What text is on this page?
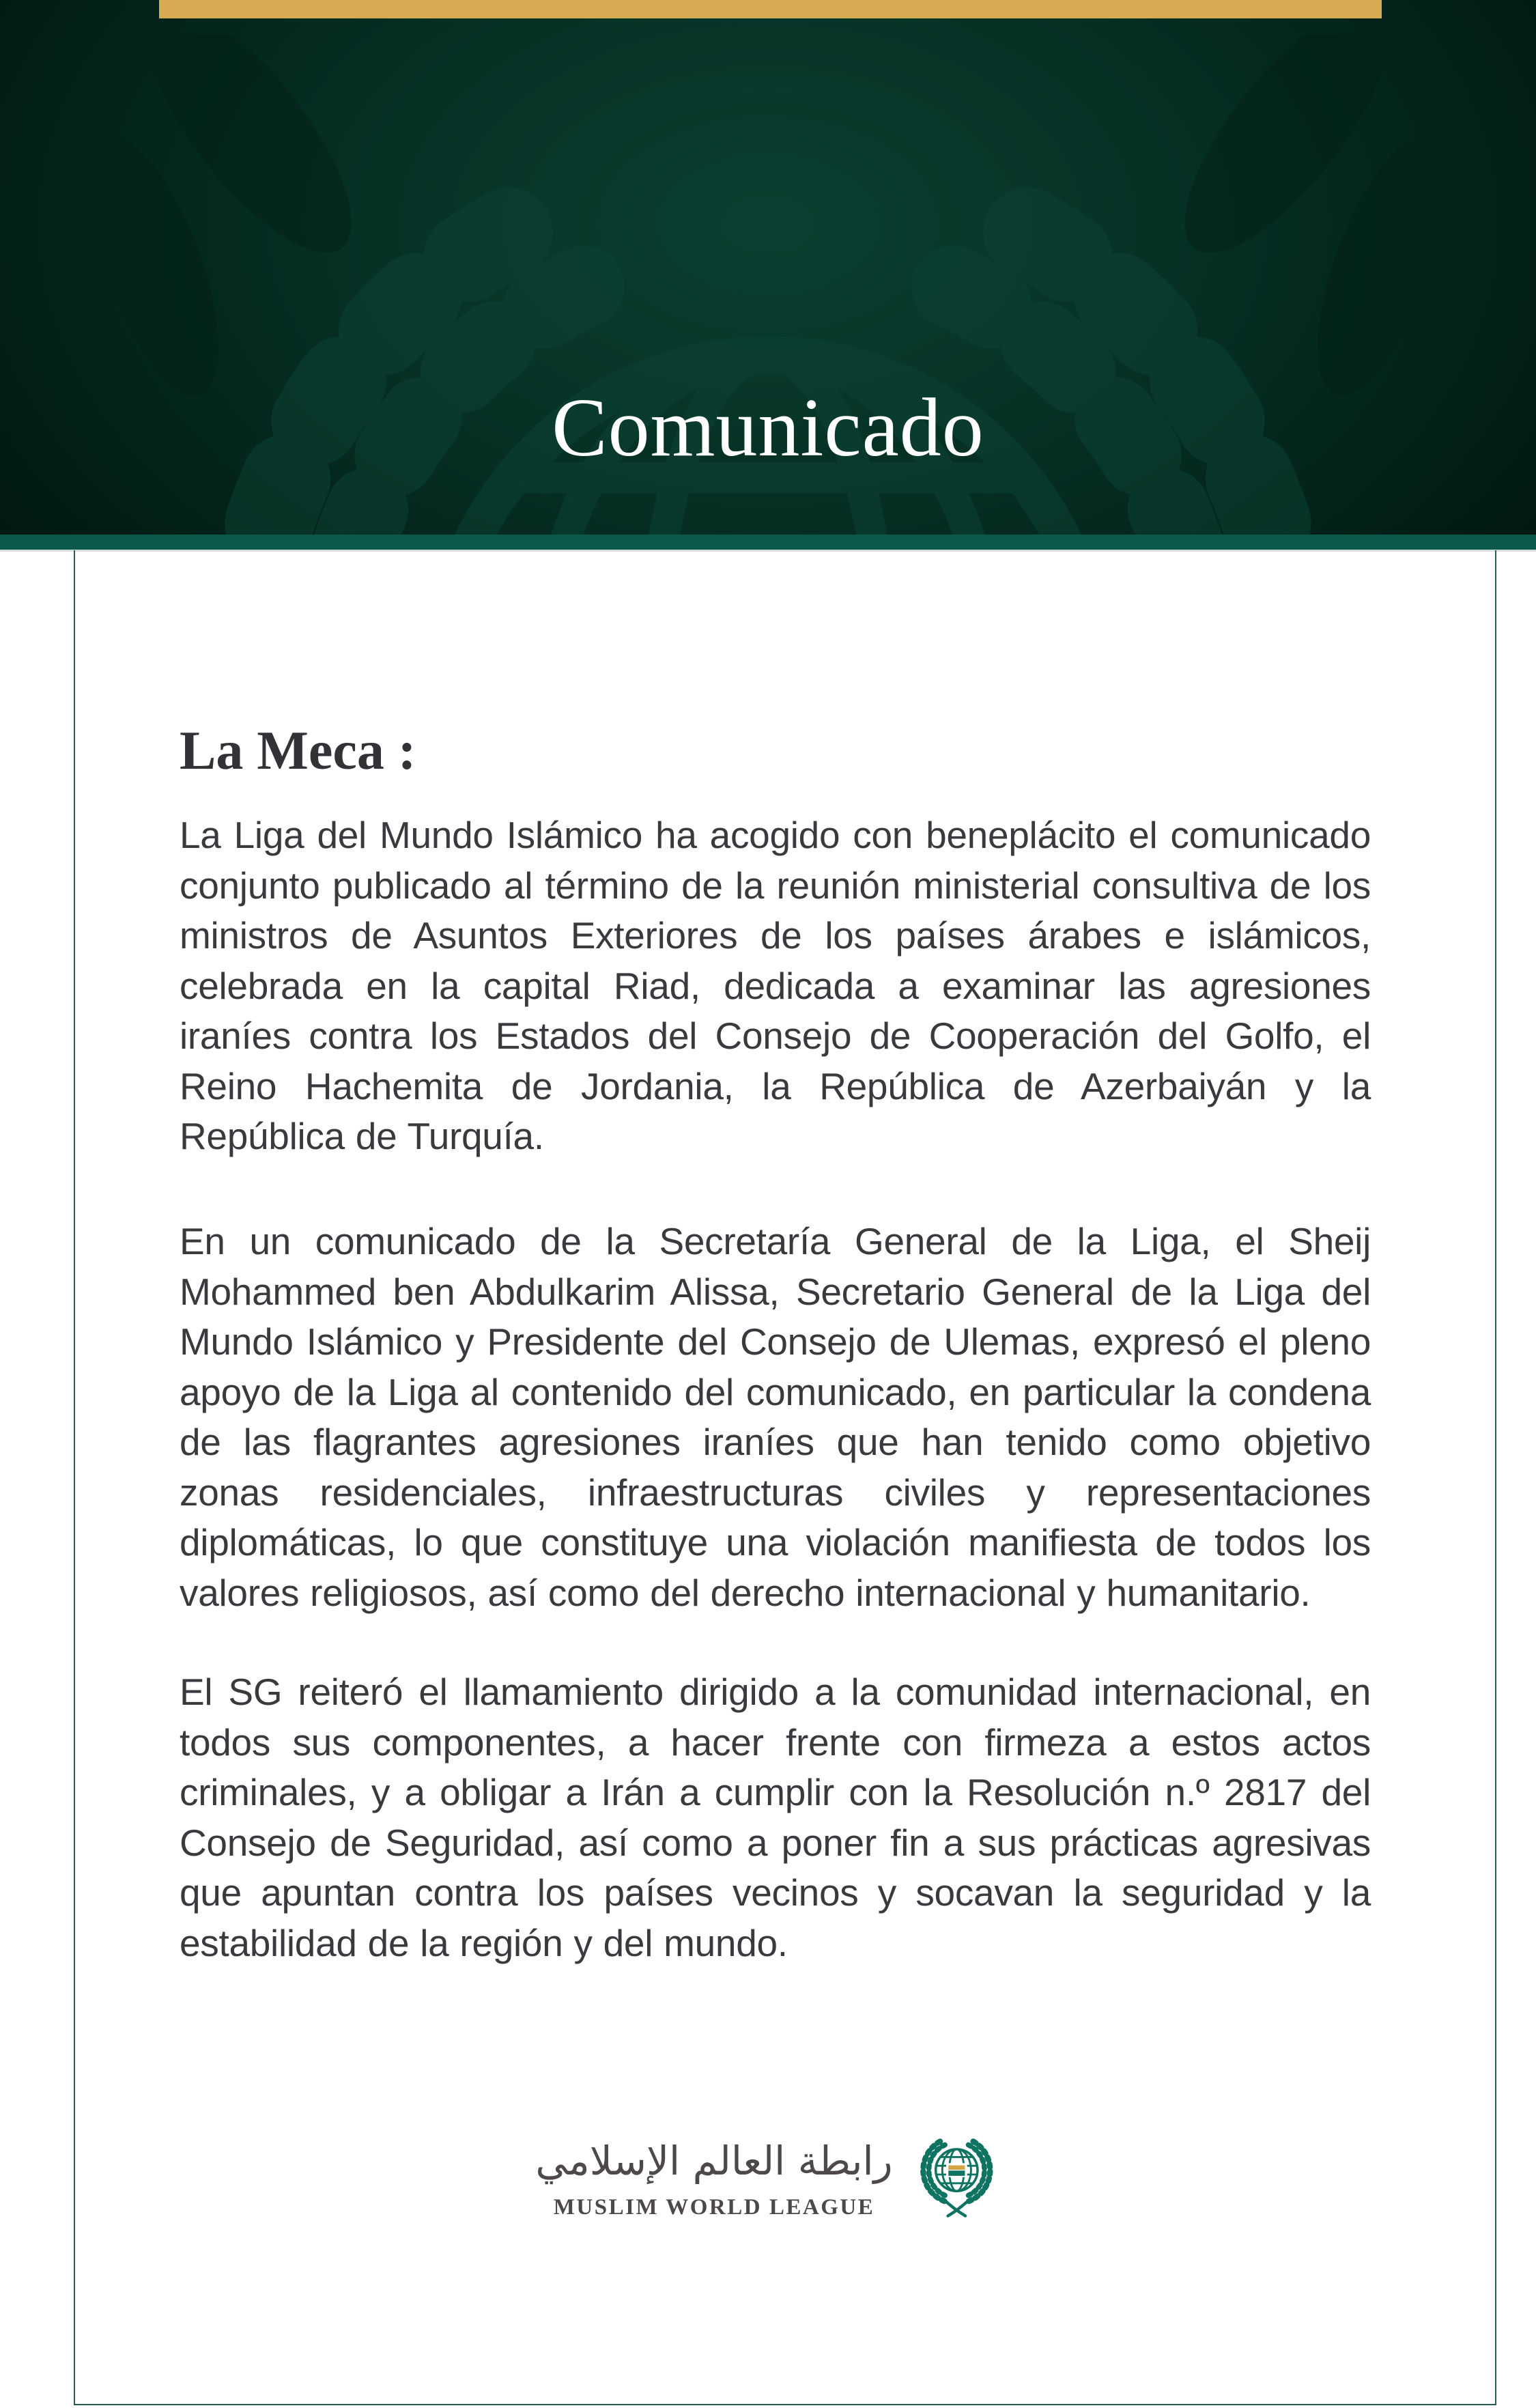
Comunicado
La Meca :

La Liga del Mundo Islámico ha acogido con beneplácito el comunicado conjunto publicado al término de la reunión ministerial consultiva de los ministros de Asuntos Exteriores de los países árabes e islámicos, celebrada en la capital Riad, dedicada a examinar las agresiones iraníes contra los Estados del Consejo de Cooperación del Golfo, el Reino Hachemita de Jordania, la República de Azerbaiyán y la República de Turquía.

En un comunicado de la Secretaría General de la Liga, el Sheij Mohammed ben Abdulkarim Alissa, Secretario General de la Liga del Mundo Islámico y Presidente del Consejo de Ulemas, expresó el pleno apoyo de la Liga al contenido del comunicado, en particular la condena de las flagrantes agresiones iraníes que han tenido como objetivo zonas residenciales, infraestructuras civiles y representaciones diplomáticas, lo que constituye una violación manifiesta de todos los valores religiosos, así como del derecho internacional y humanitario.

El SG reiteró el llamamiento dirigido a la comunidad internacional, en todos sus componentes, a hacer frente con firmeza a estos actos criminales, y a obligar a Irán a cumplir con la Resolución n.º 2817 del Consejo de Seguridad, así como a poner fin a sus prácticas agresivas que apuntan contra los países vecinos y socavan la seguridad y la estabilidad de la región y del mundo.

رابطة العالم الإسلامي
MUSLIM WORLD LEAGUE
